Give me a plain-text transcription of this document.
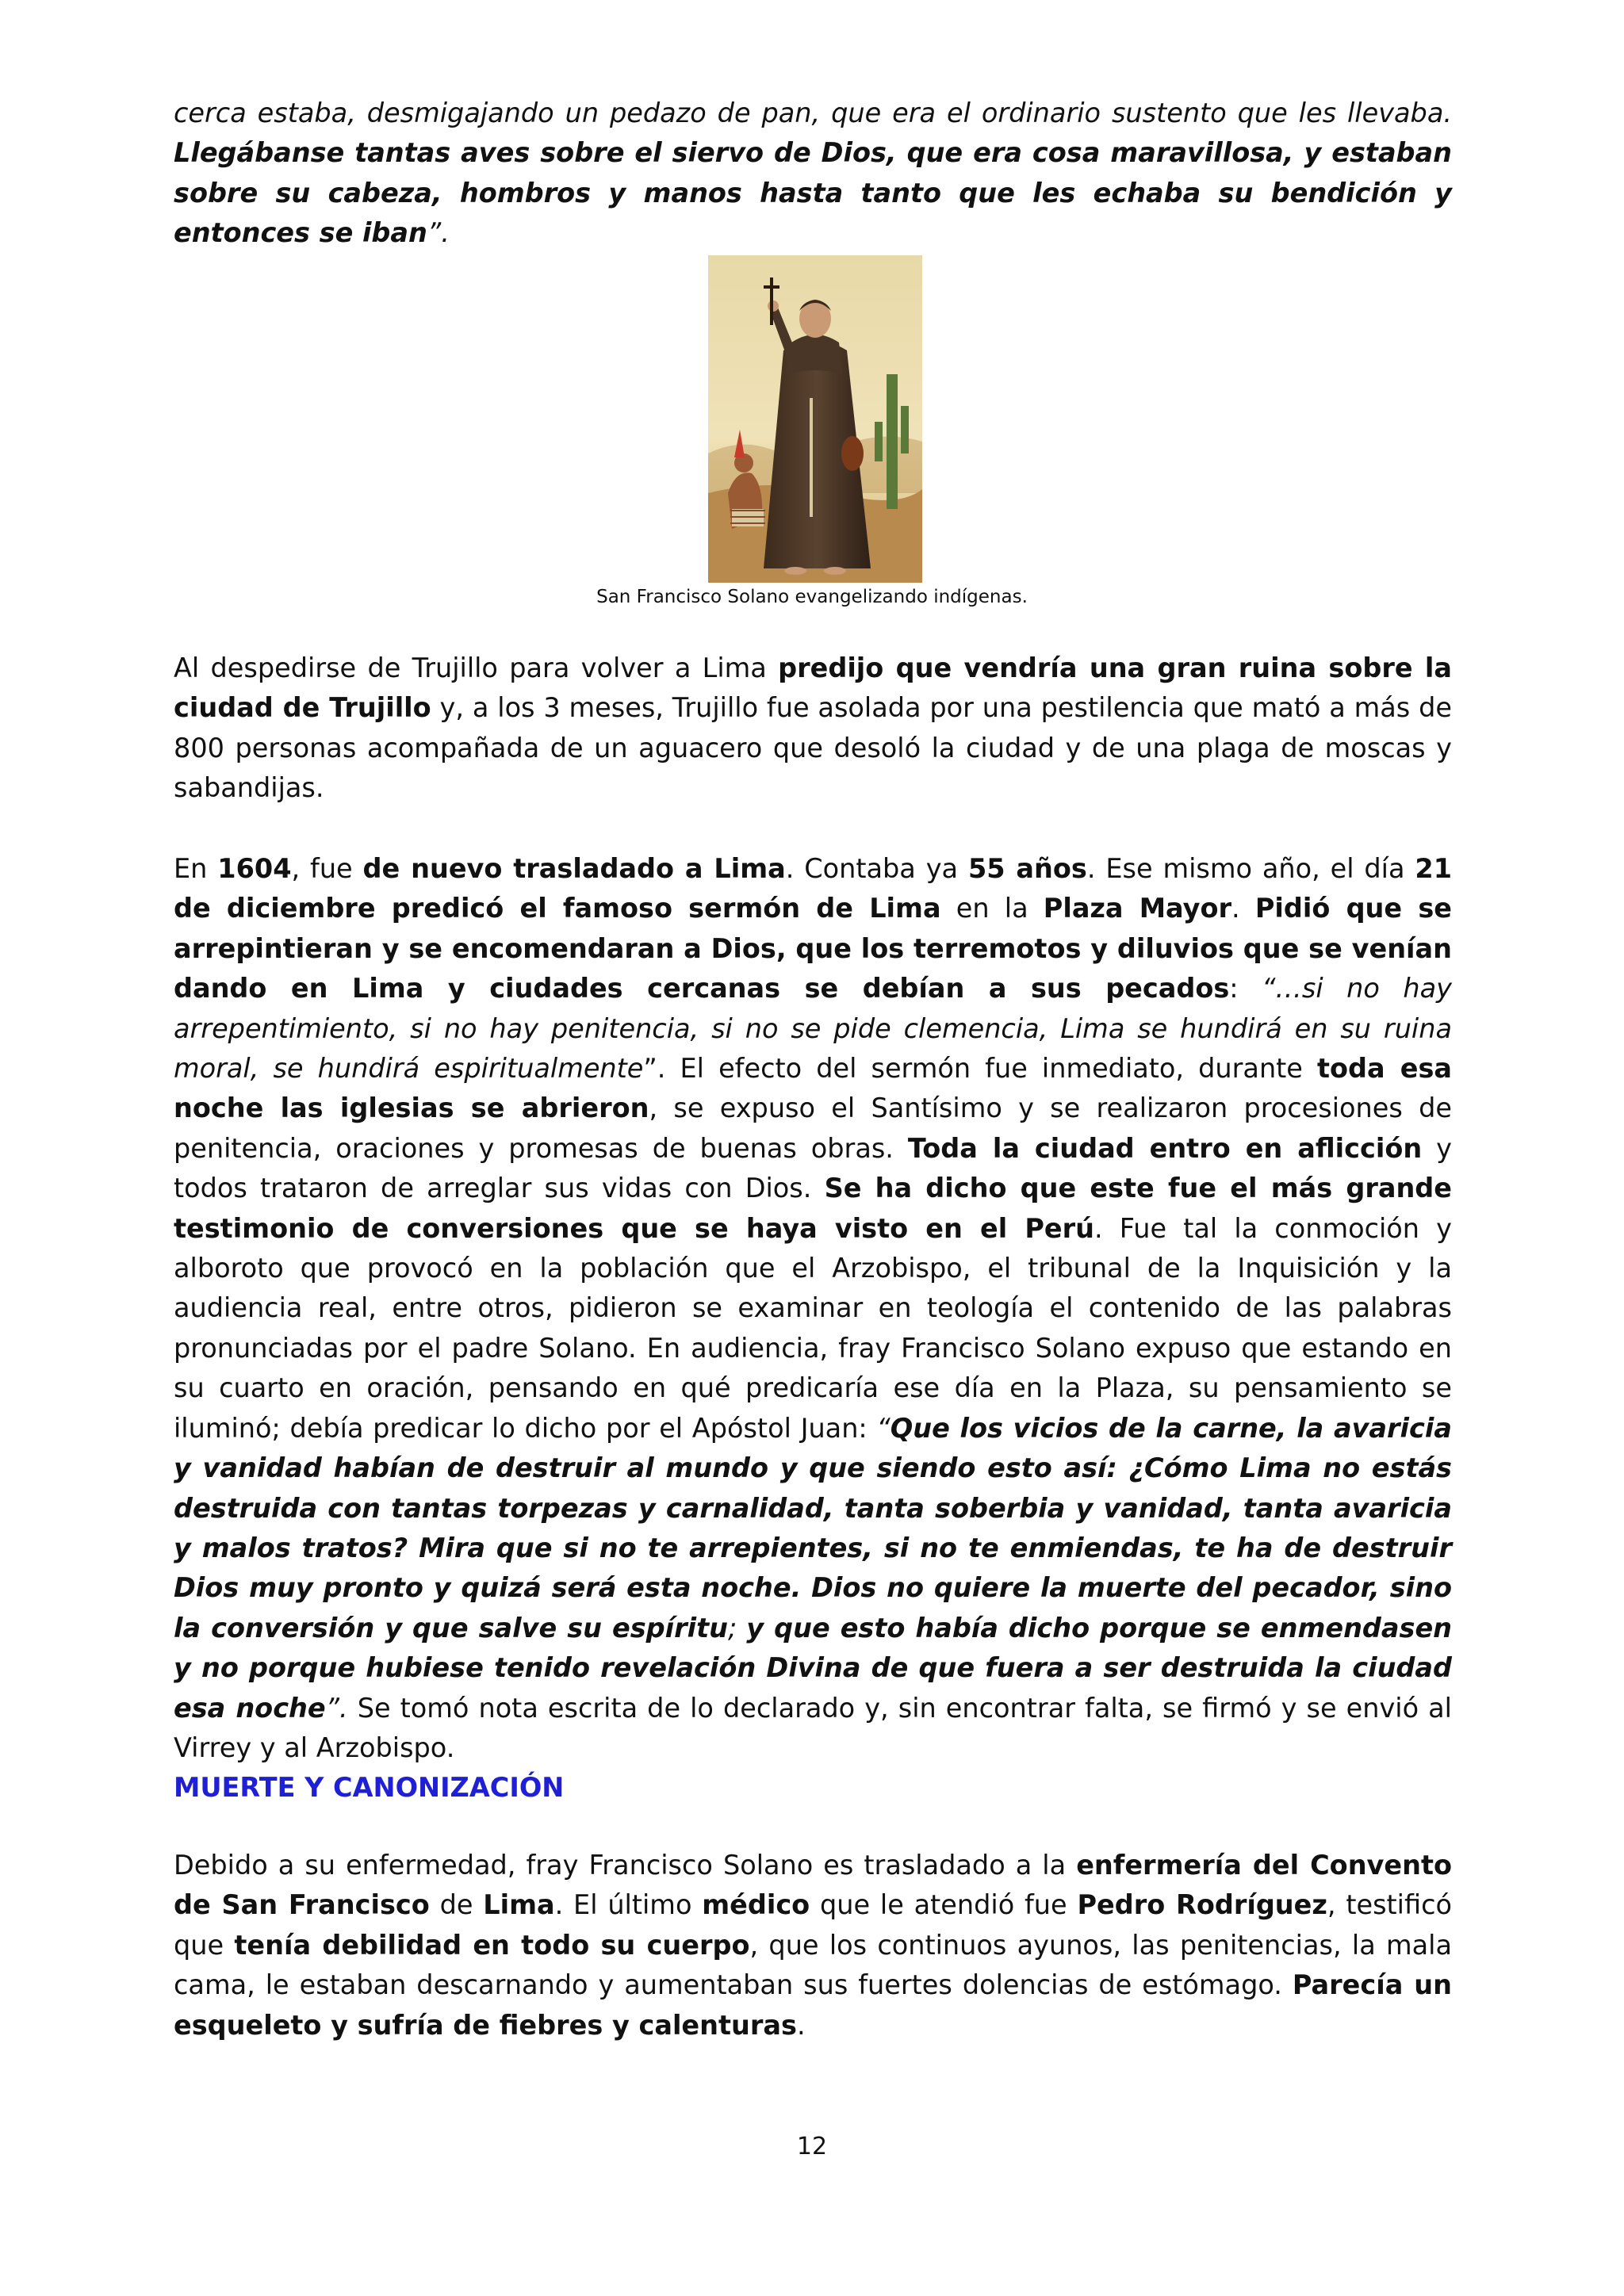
cerca estaba, desmigajando un pedazo de pan, que era el ordinario sustento que les llevaba. Llegábanse tantas aves sobre el siervo de Dios, que era cosa maravillosa, y estaban sobre su cabeza, hombros y manos hasta tanto que les echaba su bendición y entonces se iban”.

San Francisco Solano evangelizando indígenas.

Al despedirse de Trujillo para volver a Lima predijo que vendría una gran ruina sobre la ciudad de Trujillo y, a los 3 meses, Trujillo fue asolada por una pestilencia que mató a más de 800 personas acompañada de un aguacero que desoló la ciudad y de una plaga de moscas y sabandijas.

En 1604, fue de nuevo trasladado a Lima. Contaba ya 55 años. Ese mismo año, el día 21 de diciembre predicó el famoso sermón de Lima en la Plaza Mayor. Pidió que se arrepintieran y se encomendaran a Dios, que los terremotos y diluvios que se venían dando en Lima y ciudades cercanas se debían a sus pecados: “…si no hay arrepentimiento, si no hay penitencia, si no se pide clemencia, Lima se hundirá en su ruina moral, se hundirá espiritualmente”. El efecto del sermón fue inmediato, durante toda esa noche las iglesias se abrieron, se expuso el Santísimo y se realizaron procesiones de penitencia, oraciones y promesas de buenas obras. Toda la ciudad entro en aflicción y todos trataron de arreglar sus vidas con Dios. Se ha dicho que este fue el más grande testimonio de conversiones que se haya visto en el Perú. Fue tal la conmoción y alboroto que provocó en la población que el Arzobispo, el tribunal de la Inquisición y la audiencia real, entre otros, pidieron se examinar en teología el contenido de las palabras pronunciadas por el padre Solano. En audiencia, fray Francisco Solano expuso que estando en su cuarto en oración, pensando en qué predicaría ese día en la Plaza, su pensamiento se iluminó; debía predicar lo dicho por el Apóstol Juan: “Que los vicios de la carne, la avaricia y vanidad habían de destruir al mundo y que siendo esto así: ¿Cómo Lima no estás destruida con tantas torpezas y carnalidad, tanta soberbia y vanidad, tanta avaricia y malos tratos? Mira que si no te arrepientes, si no te enmiendas, te ha de destruir Dios muy pronto y quizá será esta noche. Dios no quiere la muerte del pecador, sino la conversión y que salve su espíritu; y que esto había dicho porque se enmendasen y no porque hubiese tenido revelación Divina de que fuera a ser destruida la ciudad esa noche”. Se tomó nota escrita de lo declarado y, sin encontrar falta, se firmó y se envió al Virrey y al Arzobispo.

MUERTE Y CANONIZACIÓN

Debido a su enfermedad, fray Francisco Solano es trasladado a la enfermería del Convento de San Francisco de Lima. El último médico que le atendió fue Pedro Rodríguez, testificó que tenía debilidad en todo su cuerpo, que los continuos ayunos, las penitencias, la mala cama, le estaban descarnando y aumentaban sus fuertes dolencias de estómago. Parecía un esqueleto y sufría de fiebres y calenturas.

12
